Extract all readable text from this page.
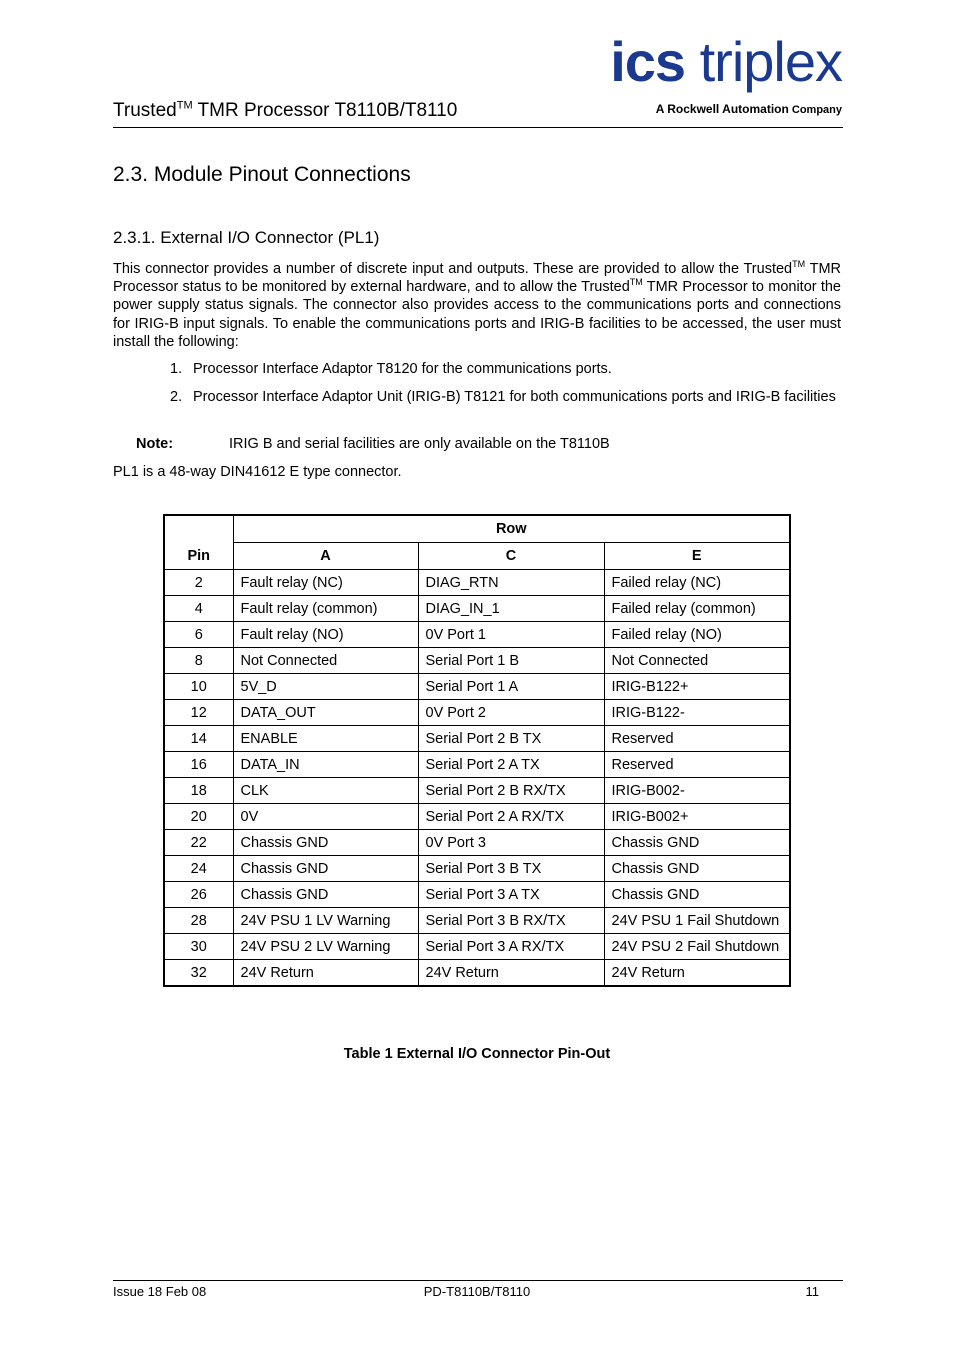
Trusted™ TMR Processor T8110B/T8110
ics triplex
A Rockwell Automation Company
2.3. Module Pinout Connections
2.3.1. External I/O Connector (PL1)
This connector provides a number of discrete input and outputs. These are provided to allow the Trusted™ TMR Processor status to be monitored by external hardware, and to allow the Trusted™ TMR Processor to monitor the power supply status signals. The connector also provides access to the communications ports and connections for IRIG-B input signals. To enable the communications ports and IRIG-B facilities to be accessed, the user must install the following:
1. Processor Interface Adaptor T8120 for the communications ports.
2. Processor Interface Adaptor Unit (IRIG-B) T8121 for both communications ports and IRIG-B facilities
Note:	IRIG B and serial facilities are only available on the T8110B
PL1 is a 48-way DIN41612 E type connector.
Pin	Row		
	A	C	E
2	Fault relay (NC)	DIAG_RTN	Failed relay (NC)
4	Fault relay (common)	DIAG_IN_1	Failed relay (common)
6	Fault relay (NO)	0V Port 1	Failed relay (NO)
8	Not Connected	Serial Port 1 B	Not Connected
10	5V_D	Serial Port 1 A	IRIG-B122+
12	DATA_OUT	0V Port 2	IRIG-B122-
14	ENABLE	Serial Port 2 B TX	Reserved
16	DATA_IN	Serial Port 2 A TX	Reserved
18	CLK	Serial Port 2 B RX/TX	IRIG-B002-
20	0V	Serial Port 2 A RX/TX	IRIG-B002+
22	Chassis GND	0V Port 3	Chassis GND
24	Chassis GND	Serial Port 3 B TX	Chassis GND
26	Chassis GND	Serial Port 3 A TX	Chassis GND
28	24V PSU 1 LV Warning	Serial Port 3 B RX/TX	24V PSU 1 Fail Shutdown
30	24V PSU 2 LV Warning	Serial Port 3 A RX/TX	24V PSU 2 Fail Shutdown
32	24V Return	24V Return	24V Return
Table 1 External I/O Connector Pin-Out
Issue 18 Feb 08	PD-T8110B/T8110	11
